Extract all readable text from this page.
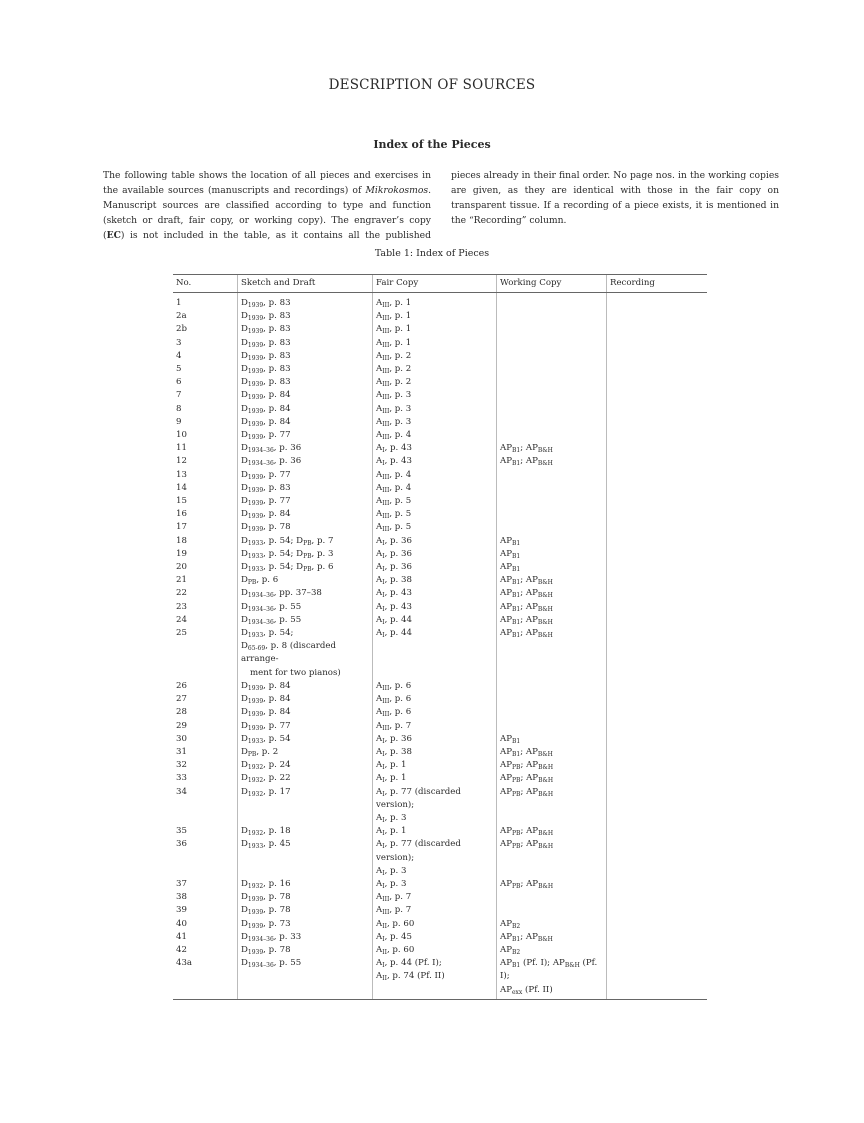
DESCRIPTION OF SOURCES
Index of the Pieces

The following table shows the location of all pieces and exercises in the available sources (manuscripts and recordings) of Mikrokosmos. Manuscript sources are classified according to type and function (sketch or draft, fair copy, or working copy). The engraver’s copy (EC) is not included in the table, as it contains all the published pieces already in their final order. No page nos. in the working copies are given, as they are identical with those in the fair copy on transparent tissue. If a recording of a piece exists, it is mentioned in the “Recording” column.

Table 1: Index of Pieces
No.	Sketch and Draft	Fair Copy	Working Copy	Recording
1	$D_{1939}$, p. 83	$A_{III}$, p. 1		

2a	$D_{1939}$, p. 83	$A_{III}$, p. 1		

2b	$D_{1939}$, p. 83	$A_{III}$, p. 1		

3	$D_{1939}$, p. 83	$A_{III}$, p. 1		

4	$D_{1939}$, p. 83	$A_{III}$, p. 2		

5	$D_{1939}$, p. 83	$A_{III}$, p. 2		

6	$D_{1939}$, p. 83	$A_{III}$, p. 2		

7	$D_{1939}$, p. 84	$A_{III}$, p. 3		

8	$D_{1939}$, p. 84	$A_{III}$, p. 3		

9	$D_{1939}$, p. 84	$A_{III}$, p. 3		

10	$D_{1939}$, p. 77	$A_{III}$, p. 4		

11	$D_{1934-36}$, p. 36	$A_I$, p. 43	$AP_{B1}$; $AP_{B\&H}$

12	$D_{1934-36}$, p. 36	$A_I$, p. 43	$AP_{B1}$; $AP_{B\&H}$

13	$D_{1939}$, p. 77	$A_{III}$, p. 4		

14	$D_{1939}$, p. 83	$A_{III}$, p. 4		

15	$D_{1939}$, p. 77	$A_{III}$, p. 5		

16	$D_{1939}$, p. 84	$A_{III}$, p. 5		

17	$D_{1939}$, p. 78	$A_{III}$, p. 5		

18	$D_{1933}$, p. 54; $D_{PB}$, p. 7	$A_I$, p. 36	$AP_{B1}$

19	$D_{1933}$, p. 54; $D_{PB}$, p. 3	$A_I$, p. 36	$AP_{B1}$

20	$D_{1933}$, p. 54; $D_{PB}$, p. 6	$A_I$, p. 36	$AP_{B1}$

21	$D_{PB}$, p. 6	$A_I$, p. 38	$AP_{B1}$; $AP_{B\&H}$

22	$D_{1934-36}$, pp. 37–38	$A_I$, p. 43	$AP_{B1}$; $AP_{B\&H}$

23	$D_{1934-36}$, p. 55	$A_I$, p. 43	$AP_{B1}$; $AP_{B\&H}$

24	$D_{1934-36}$, p. 55	$A_I$, p. 44	$AP_{B1}$; $AP_{B\&H}$

25	$D_{1933}$, p. 54;
$D_{65-69}$, p. 8 (discarded arrange-
ment for two pianos)	$A_I$, p. 44	$AP_{B1}$; $AP_{B\&H}$

26	$D_{1939}$, p. 84	$A_{III}$, p. 6		

27	$D_{1939}$, p. 84	$A_{III}$, p. 6		

28	$D_{1939}$, p. 84	$A_{III}$, p. 6		

29	$D_{1939}$, p. 77	$A_{III}$, p. 7		

30	$D_{1933}$, p. 54	$A_I$, p. 36	$AP_{B1}$

31	$D_{PB}$, p. 2	$A_I$, p. 38	$AP_{B1}$; $AP_{B\&H}$

32	$D_{1932}$, p. 24	$A_I$, p. 1	$AP_{PB}$; $AP_{B\&H}$

33	$D_{1932}$, p. 22	$A_I$, p. 1	$AP_{PB}$; $AP_{B\&H}$

34	$D_{1932}$, p. 17	$A_I$, p. 77 (discarded version);
$A_I$, p. 3	$AP_{PB}$; $AP_{B\&H}$

35	$D_{1932}$, p. 18	$A_I$, p. 1	$AP_{PB}$; $AP_{B\&H}$

36	$D_{1933}$, p. 45	$A_I$, p. 77 (discarded version);
$A_I$, p. 3	$AP_{PB}$; $AP_{B\&H}$

37	$D_{1932}$, p. 16	$A_I$, p. 3	$AP_{PB}$; $AP_{B\&H}$

38	$D_{1939}$, p. 78	$A_{III}$, p. 7		

39	$D_{1939}$, p. 78	$A_{III}$, p. 7		

40	$D_{1939}$, p. 73	$A_{II}$, p. 60	$AP_{B2}$

41	$D_{1934-36}$, p. 33	$A_I$, p. 45	$AP_{B1}$; $AP_{B\&H}$

42	$D_{1939}$, p. 78	$A_{II}$, p. 60	$AP_{B2}$

43a	$D_{1934-36}$, p. 55	$A_I$, p. 44 (Pf. I);
$A_{II}$, p. 74 (Pf. II)	$AP_{B1}$ (Pf. I); $AP_{B\&H}$ (Pf. I);
$AP_{exx}$ (Pf. II)	
